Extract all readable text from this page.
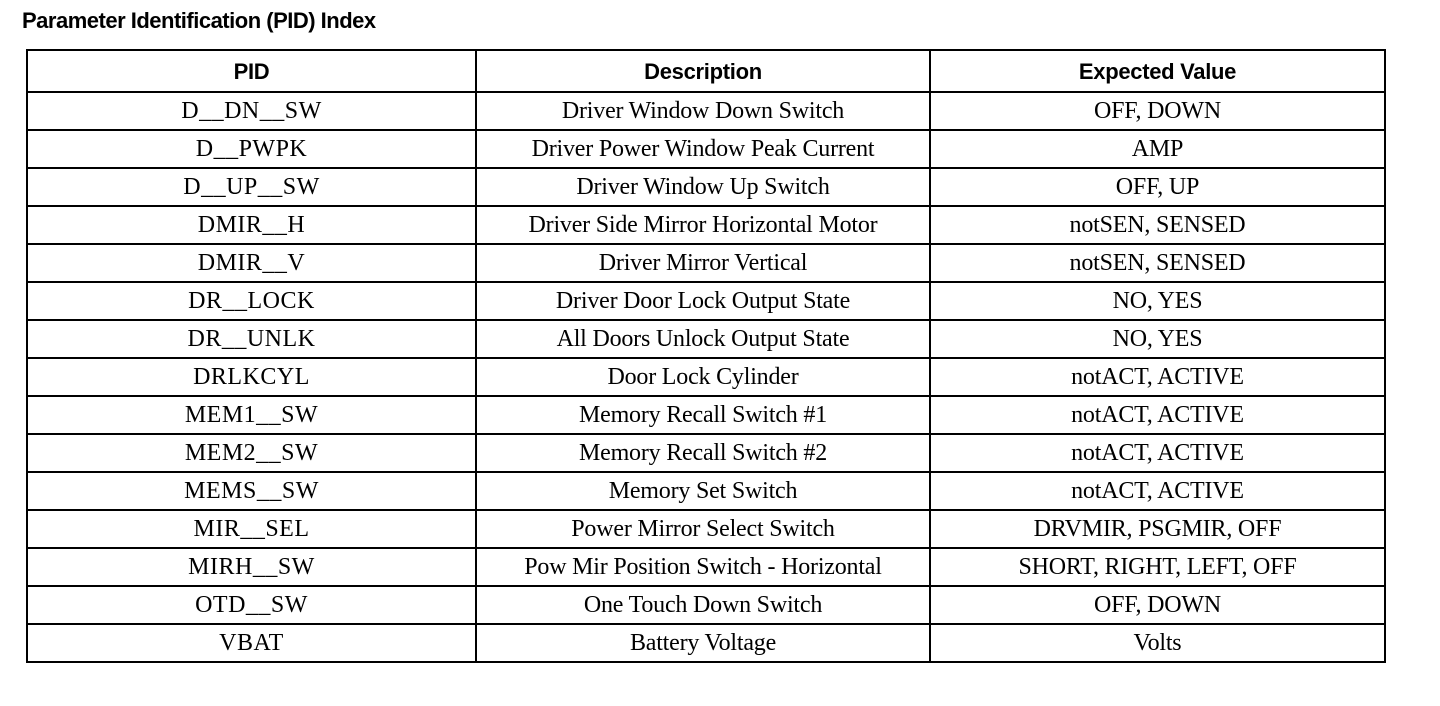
Parameter Identification (PID) Index
PID	Description	Expected Value
D__DN__SW	Driver Window Down Switch	OFF, DOWN
D__PWPK	Driver Power Window Peak Current	AMP
D__UP__SW	Driver Window Up Switch	OFF, UP
DMIR__H	Driver Side Mirror Horizontal Motor	notSEN, SENSED
DMIR__V	Driver Mirror Vertical	notSEN, SENSED
DR__LOCK	Driver Door Lock Output State	NO, YES
DR__UNLK	All Doors Unlock Output State	NO, YES
DRLKCYL	Door Lock Cylinder	notACT, ACTIVE
MEM1__SW	Memory Recall Switch #1	notACT, ACTIVE
MEM2__SW	Memory Recall Switch #2	notACT, ACTIVE
MEMS__SW	Memory Set Switch	notACT, ACTIVE
MIR__SEL	Power Mirror Select Switch	DRVMIR, PSGMIR, OFF
MIRH__SW	Pow Mir Position Switch - Horizontal	SHORT, RIGHT, LEFT, OFF
OTD__SW	One Touch Down Switch	OFF, DOWN
VBAT	Battery Voltage	Volts
